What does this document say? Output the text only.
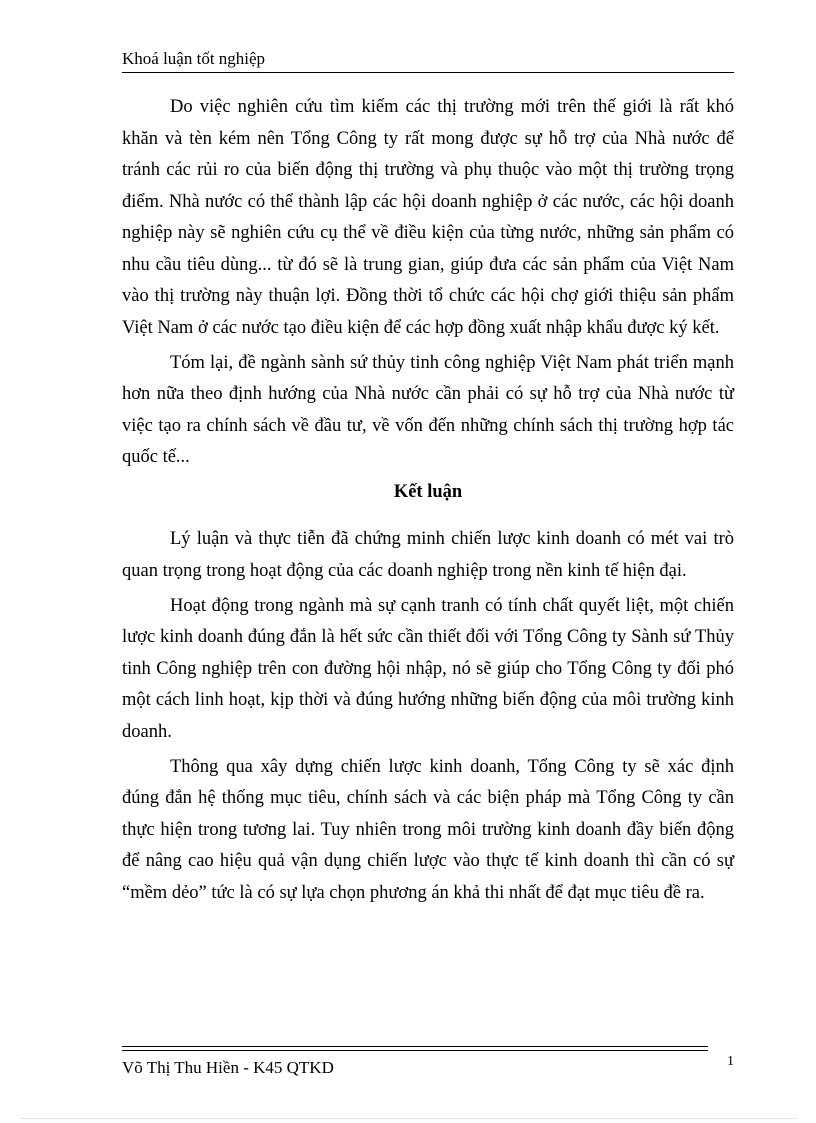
Khoá luận tốt nghiệp

Do việc nghiên cứu tìm kiếm các thị trường mới trên thế giới là rất khó khăn và tèn kém nên Tổng Công ty rất mong được sự hỗ trợ của Nhà nước để tránh các rủi ro của biến động thị trường và phụ thuộc vào một thị trường trọng điểm. Nhà nước có thể thành lập các hội doanh nghiệp ở các nước, các hội doanh nghiệp này sẽ nghiên cứu cụ thể về điều kiện của từng nước, những sản phẩm có nhu cầu tiêu dùng... từ đó sẽ là trung gian, giúp đưa các sản phẩm của Việt Nam vào thị trường này thuận lợi. Đồng thời tổ chức các hội chợ giới thiệu sản phẩm Việt Nam ở các nước tạo điều kiện để các hợp đồng xuất nhập khẩu được ký kết.

Tóm lại, đề ngành sành sứ thủy tinh công nghiệp Việt Nam phát triển mạnh hơn nữa theo định hướng của Nhà nước cần phải có sự hỗ trợ của Nhà nước từ việc tạo ra chính sách về đầu tư, về vốn đến những chính sách thị trường hợp tác quốc tế...

Kết luận

Lý luận và thực tiễn đã chứng minh chiến lược kinh doanh có mét vai trò quan trọng trong hoạt động của các doanh nghiệp trong nền kinh tế hiện đại.

Hoạt động trong ngành mà sự cạnh tranh có tính chất quyết liệt, một chiến lược kinh doanh đúng đắn là hết sức cần thiết đối với Tổng Công ty Sành sứ Thủy tinh Công nghiệp trên con đường hội nhập, nó sẽ giúp cho Tổng Công ty đối phó một cách linh hoạt, kịp thời và đúng hướng những biến động của môi trường kinh doanh.

Thông qua xây dựng chiến lược kinh doanh, Tổng Công ty sẽ xác định đúng đắn hệ thống mục tiêu, chính sách và các biện pháp mà Tổng Công ty cần thực hiện trong tương lai. Tuy nhiên trong môi trường kinh doanh đầy biến động để nâng cao hiệu quả vận dụng chiến lược vào thực tế kinh doanh thì cần có sự “mềm dẻo” tức là có sự lựa chọn phương án khả thi nhất để đạt mục tiêu đề ra.

Võ Thị Thu Hiền - K45 QTKD	1
